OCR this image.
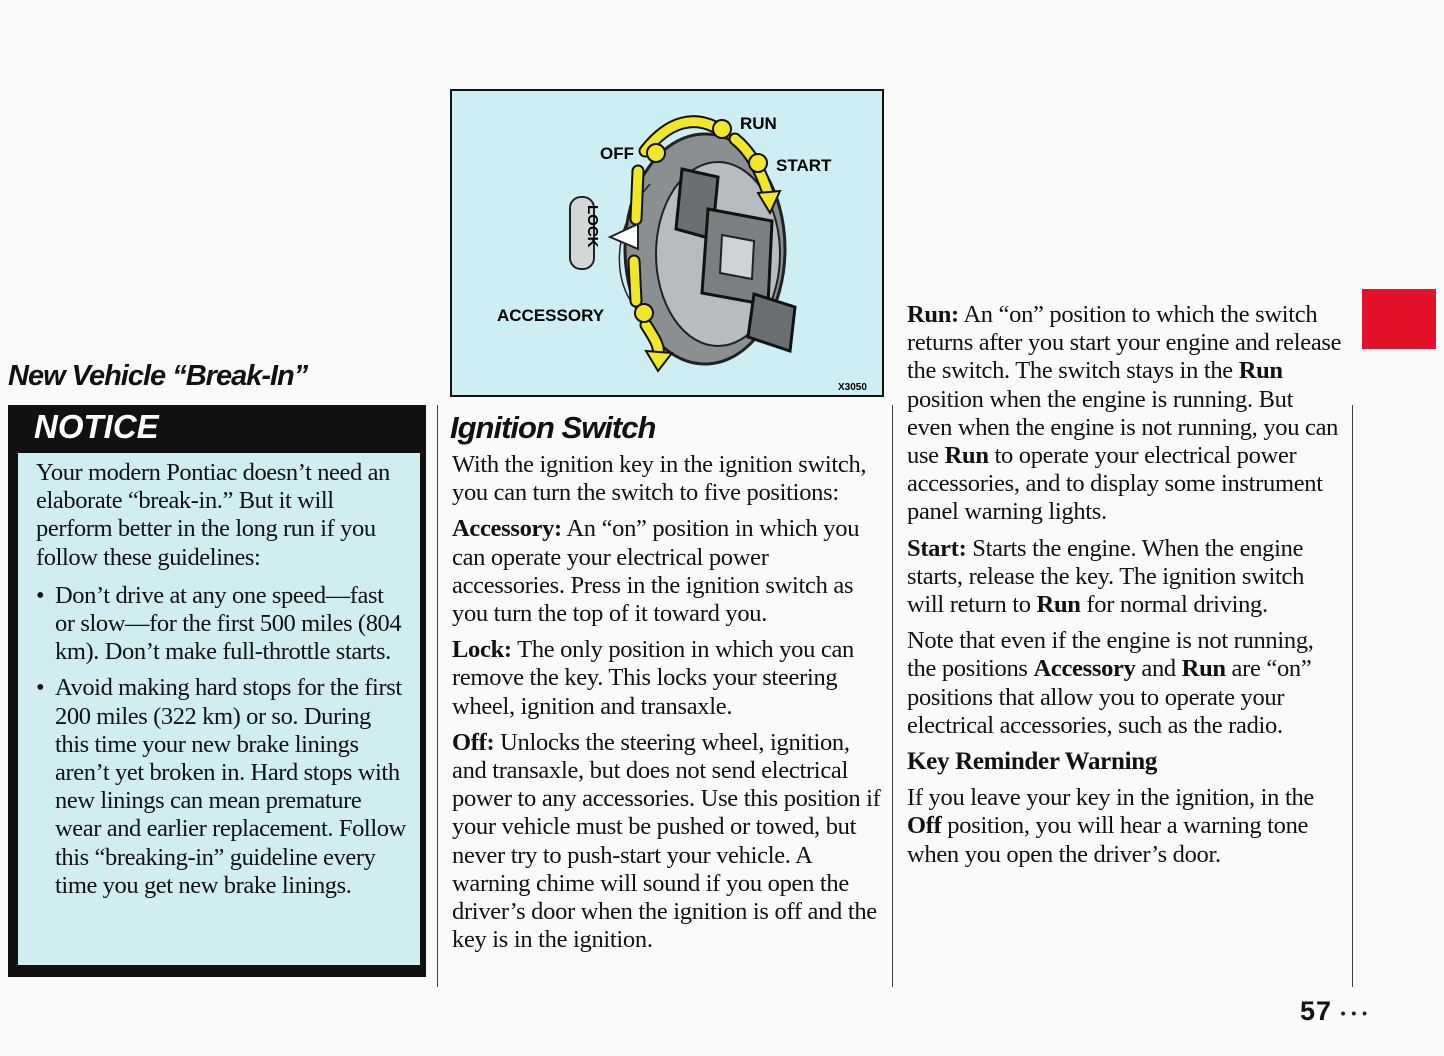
New Vehicle “Break-In”
NOTICE

Your modern Pontiac doesn’t need an elaborate “break-in.” But it will perform better in the long run if you follow these guidelines:

• Don’t drive at any one speed—fast or slow—for the first 500 miles (804 km). Don’t make full-throttle starts.
• Avoid making hard stops for the first 200 miles (322 km) or so. During this time your new brake linings aren’t yet broken in. Hard stops with new linings can mean premature wear and earlier replacement. Follow this “breaking-in” guideline every time you get new brake linings.
RUN
OFF
START
LOCK
ACCESSORY
X3050
Ignition Switch

With the ignition key in the ignition switch, you can turn the switch to five positions:

Accessory: An “on” position in which you can operate your electrical power accessories. Press in the ignition switch as you turn the top of it toward you.

Lock: The only position in which you can remove the key. This locks your steering wheel, ignition and transaxle.

Off: Unlocks the steering wheel, ignition, and transaxle, but does not send electrical power to any accessories. Use this position if your vehicle must be pushed or towed, but never try to push-start your vehicle. A warning chime will sound if you open the driver’s door when the ignition is off and the key is in the ignition.

Run: An “on” position to which the switch returns after you start your engine and release the switch. The switch stays in the Run position when the engine is running. But even when the engine is not running, you can use Run to operate your electrical power accessories, and to display some instrument panel warning lights.

Start: Starts the engine. When the engine starts, release the key. The ignition switch will return to Run for normal driving.

Note that even if the engine is not running, the positions Accessory and Run are “on” positions that allow you to operate your electrical accessories, such as the radio.

Key Reminder Warning

If you leave your key in the ignition, in the Off position, you will hear a warning tone when you open the driver’s door.

57 • • •
